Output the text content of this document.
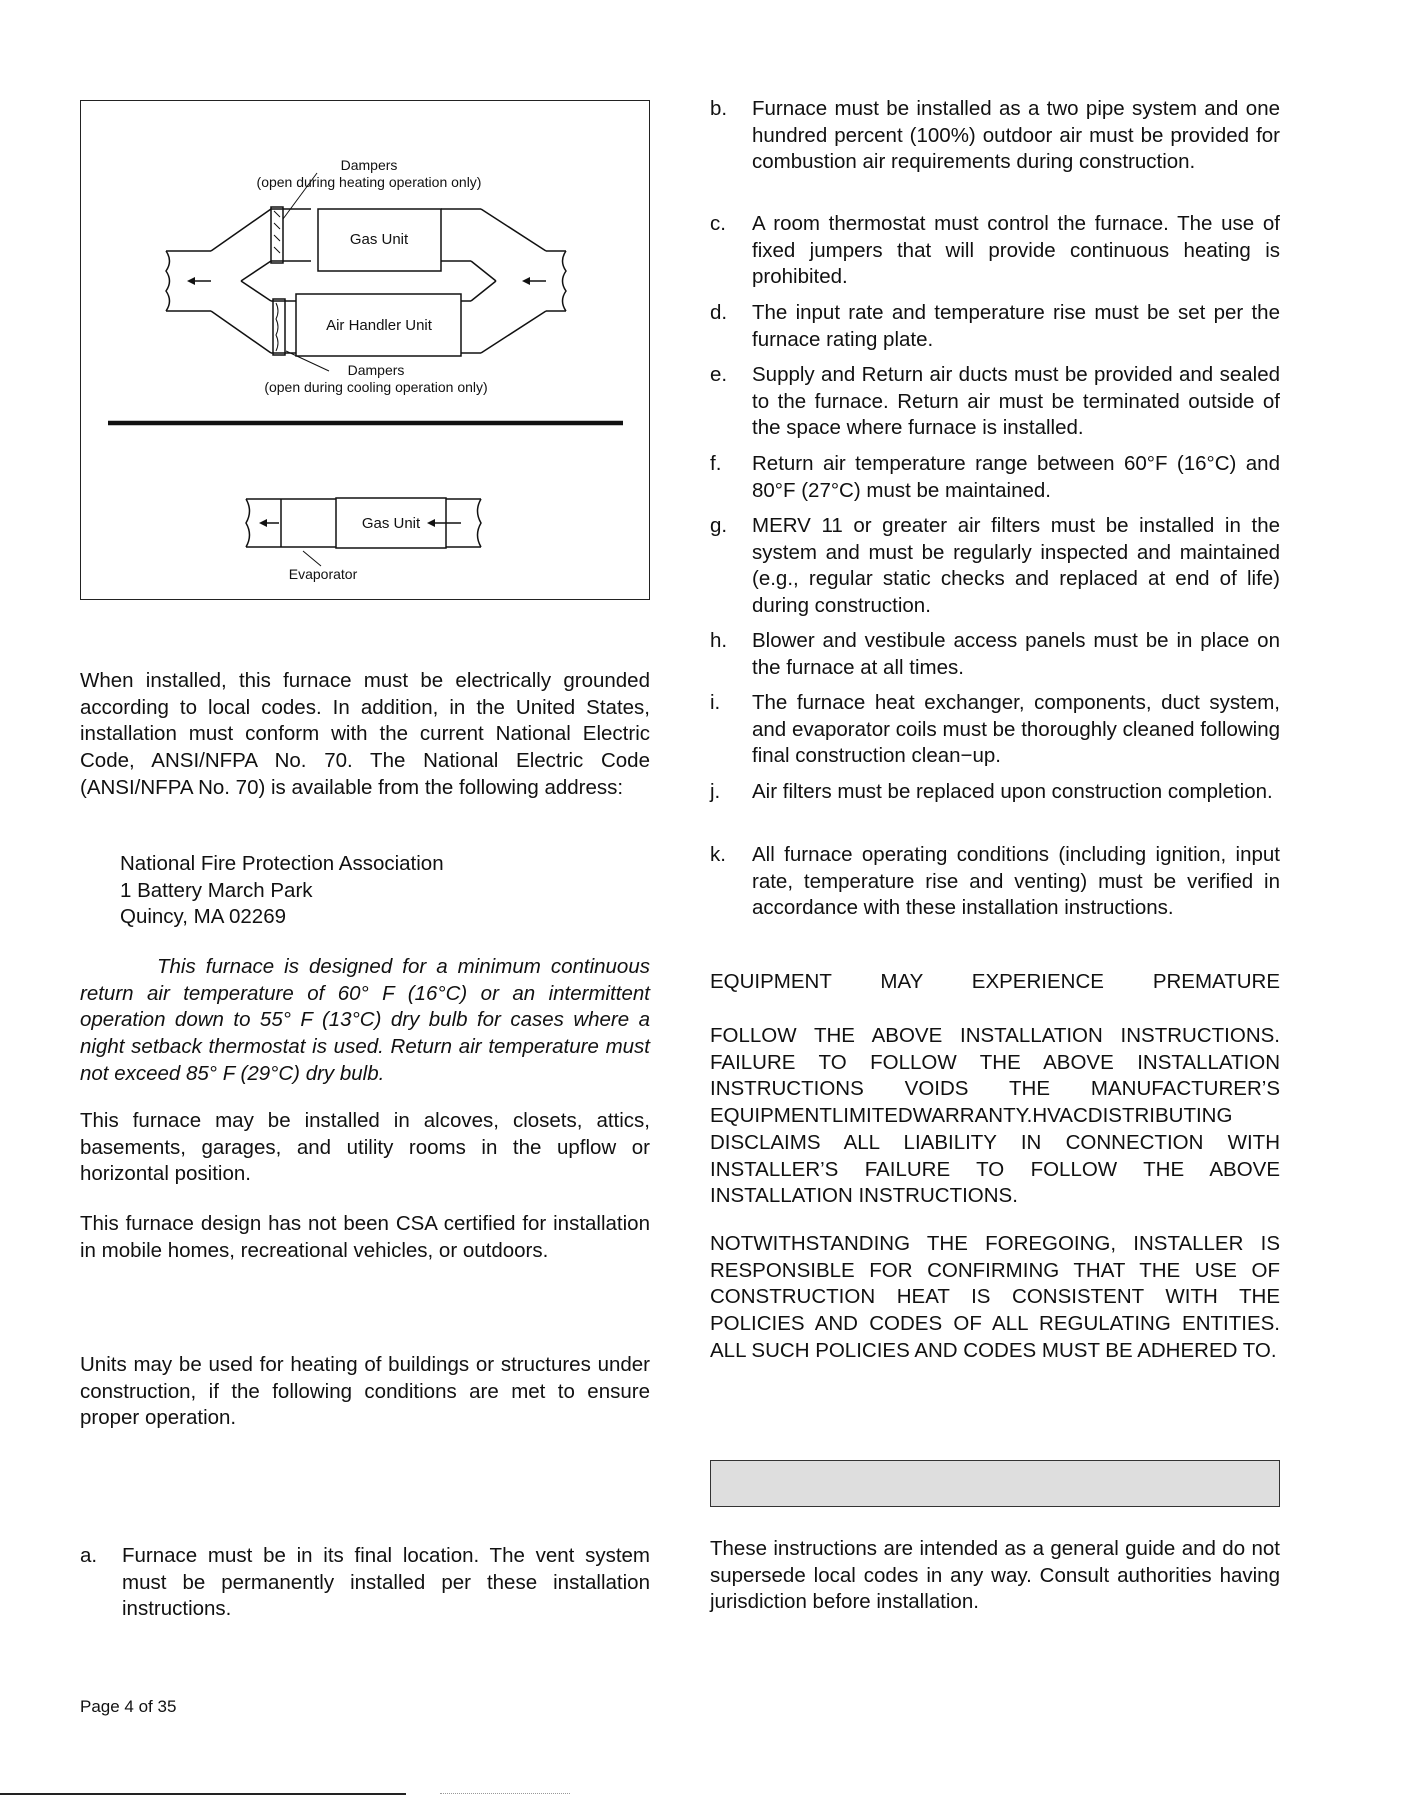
Dampers
(open during heating operation only)
Gas Unit
Air Handler Unit
Dampers
(open during cooling operation only)
Gas Unit
Evaporator

When installed, this furnace must be electrically grounded according to local codes. In addition, in the United States, installation must conform with the current National Electric Code, ANSI/NFPA No. 70. The National Electric Code (ANSI/NFPA No. 70) is available from the following address:

National Fire Protection Association

1 Battery March Park

Quincy, MA 02269

This furnace is designed for a minimum continuous return air temperature of 60° F (16°C) or an intermittent operation down to 55° F (13°C) dry bulb for cases where a night setback thermostat is used. Return air temperature must not exceed 85° F (29°C) dry bulb.

This furnace may be installed in alcoves, closets, attics, basements, garages, and utility rooms in the upflow or horizontal position.

This furnace design has not been CSA certified for installation in mobile homes, recreational vehicles, or outdoors.

Units may be used for heating of buildings or structures under construction, if the following conditions are met to ensure proper operation.

a.	Furnace must be in its final location. The vent system must be permanently installed per these installation instructions.
b.	Furnace must be installed as a two pipe system and one hundred percent (100%) outdoor air must be provided for combustion air requirements during construction.
c.	A room thermostat must control the furnace. The use of fixed jumpers that will provide continuous heating is prohibited.
d.	The input rate and temperature rise must be set per the furnace rating plate.
e.	Supply and Return air ducts must be provided and sealed to the furnace. Return air must be terminated outside of the space where furnace is installed.
f.	Return air temperature range between 60°F (16°C) and 80°F (27°C) must be maintained.
g.	MERV 11 or greater air filters must be installed in the system and must be regularly inspected and maintained (e.g., regular static checks and replaced at end of life) during construction.
h.	Blower and vestibule access panels must be in place on the furnace at all times.
i.	The furnace heat exchanger, components, duct system, and evaporator coils must be thoroughly cleaned following final construction clean−up.
j.	Air filters must be replaced upon construction completion.
k.	All furnace operating conditions (including ignition, input rate, temperature rise and venting) must be verified in accordance with these installation instructions.

EQUIPMENT MAY EXPERIENCE PREMATURE

FOLLOW THE ABOVE INSTALLATION INSTRUCTIONS. FAILURE TO FOLLOW THE ABOVE INSTALLATION INSTRUCTIONS VOIDS THE MANUFACTURER’S EQUIPMENTLIMITEDWARRANTY.HVACDISTRIBUTING DISCLAIMS ALL LIABILITY IN CONNECTION WITH INSTALLER’S FAILURE TO FOLLOW THE ABOVE INSTALLATION INSTRUCTIONS.

NOTWITHSTANDING THE FOREGOING, INSTALLER IS RESPONSIBLE FOR CONFIRMING THAT THE USE OF CONSTRUCTION HEAT IS CONSISTENT WITH THE POLICIES AND CODES OF ALL REGULATING ENTITIES. ALL SUCH POLICIES AND CODES MUST BE ADHERED TO.

These instructions are intended as a general guide and do not supersede local codes in any way. Consult authorities having jurisdiction before installation.

Page 4 of 35
